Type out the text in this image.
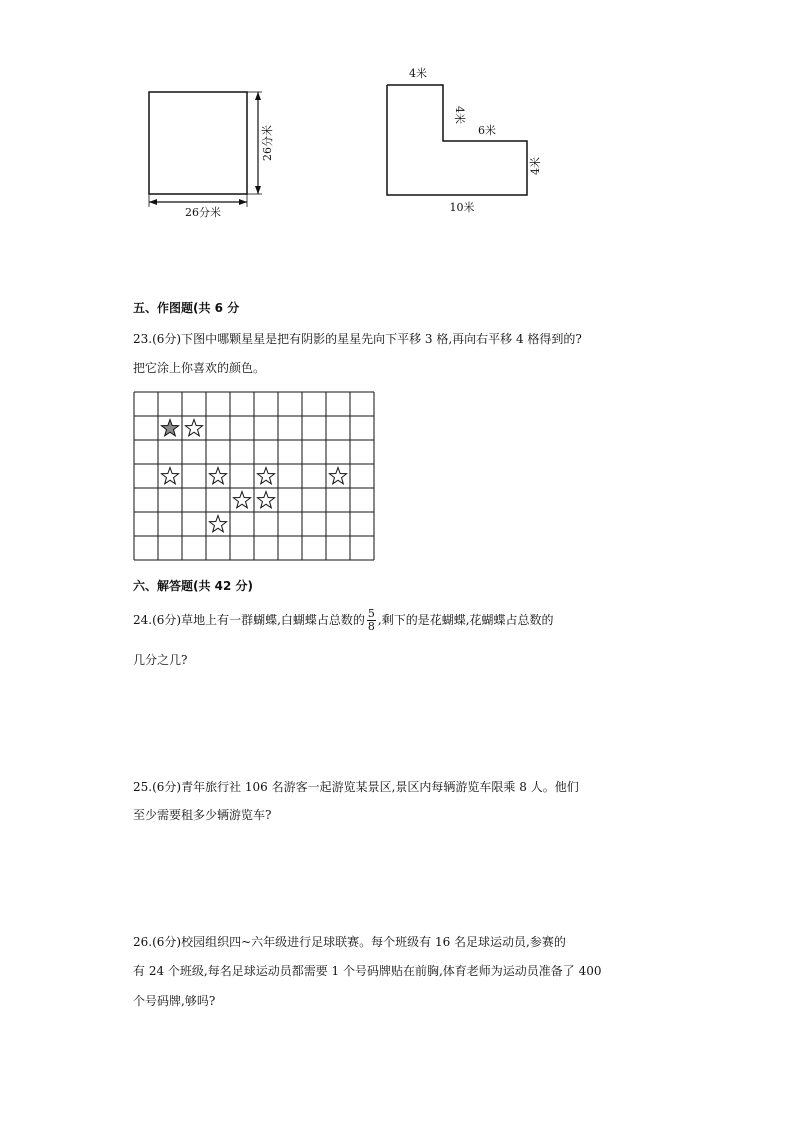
26分米
26分米
4米
4米
6米
4米
10米
五、作图题(共 6 分
23.(6分)下图中哪颗星星是把有阴影的星星先向下平移 3 格,再向右平移 4 格得到的?
把它涂上你喜欢的颜色。
六、解答题(共 42 分)
24.(6分)草地上有一群蝴蝶,白蝴蝶占总数的 $\frac{5}{8}$ ,剩下的是花蝴蝶,花蝴蝶占总数的
几分之几?
25.(6分)青年旅行社 106 名游客一起游览某景区,景区内每辆游览车限乘 8 人。他们
至少需要租多少辆游览车?
26.(6分)校园组织四~六年级进行足球联赛。每个班级有 16 名足球运动员,参赛的
有 24 个班级,每名足球运动员都需要 1 个号码牌贴在前胸,体育老师为运动员准备了 400
个号码牌,够吗?
